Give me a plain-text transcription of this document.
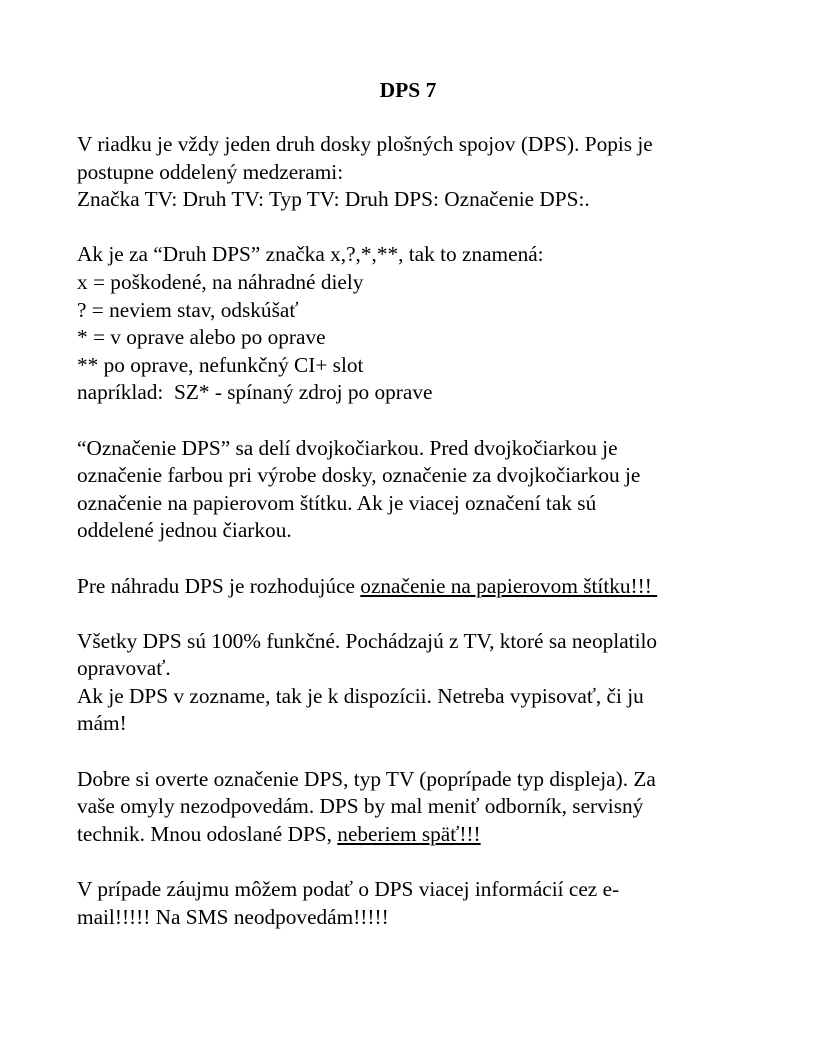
DPS 7

V riadku je vždy jeden druh dosky plošných spojov (DPS). Popis je
postupne oddelený medzerami:
Značka TV: Druh TV: Typ TV: Druh DPS: Označenie DPS:.

Ak je za “Druh DPS” značka x,?,*,**, tak to znamená:
x = poškodené, na náhradné diely
? = neviem stav, odskúšať
* = v oprave alebo po oprave
** po oprave, nefunkčný CI+ slot
napríklad:  SZ* - spínaný zdroj po oprave

“Označenie DPS” sa delí dvojkočiarkou. Pred dvojkočiarkou je
označenie farbou pri výrobe dosky, označenie za dvojkočiarkou je
označenie na papierovom štítku. Ak je viacej označení tak sú
oddelené jednou čiarkou.

Pre náhradu DPS je rozhodujúce označenie na papierovom štítku!!!

Všetky DPS sú 100% funkčné. Pochádzajú z TV, ktoré sa neoplatilo
opravovať.
Ak je DPS v zozname, tak je k dispozícii. Netreba vypisovať, či ju
mám!

Dobre si overte označenie DPS, typ TV (poprípade typ displeja). Za
vaše omyly nezodpovedám. DPS by mal meniť odborník, servisný
technik. Mnou odoslané DPS, neberiem späť!!!

V prípade záujmu môžem podať o DPS viacej informácií cez e-
mail!!!!! Na SMS neodpovedám!!!!!
